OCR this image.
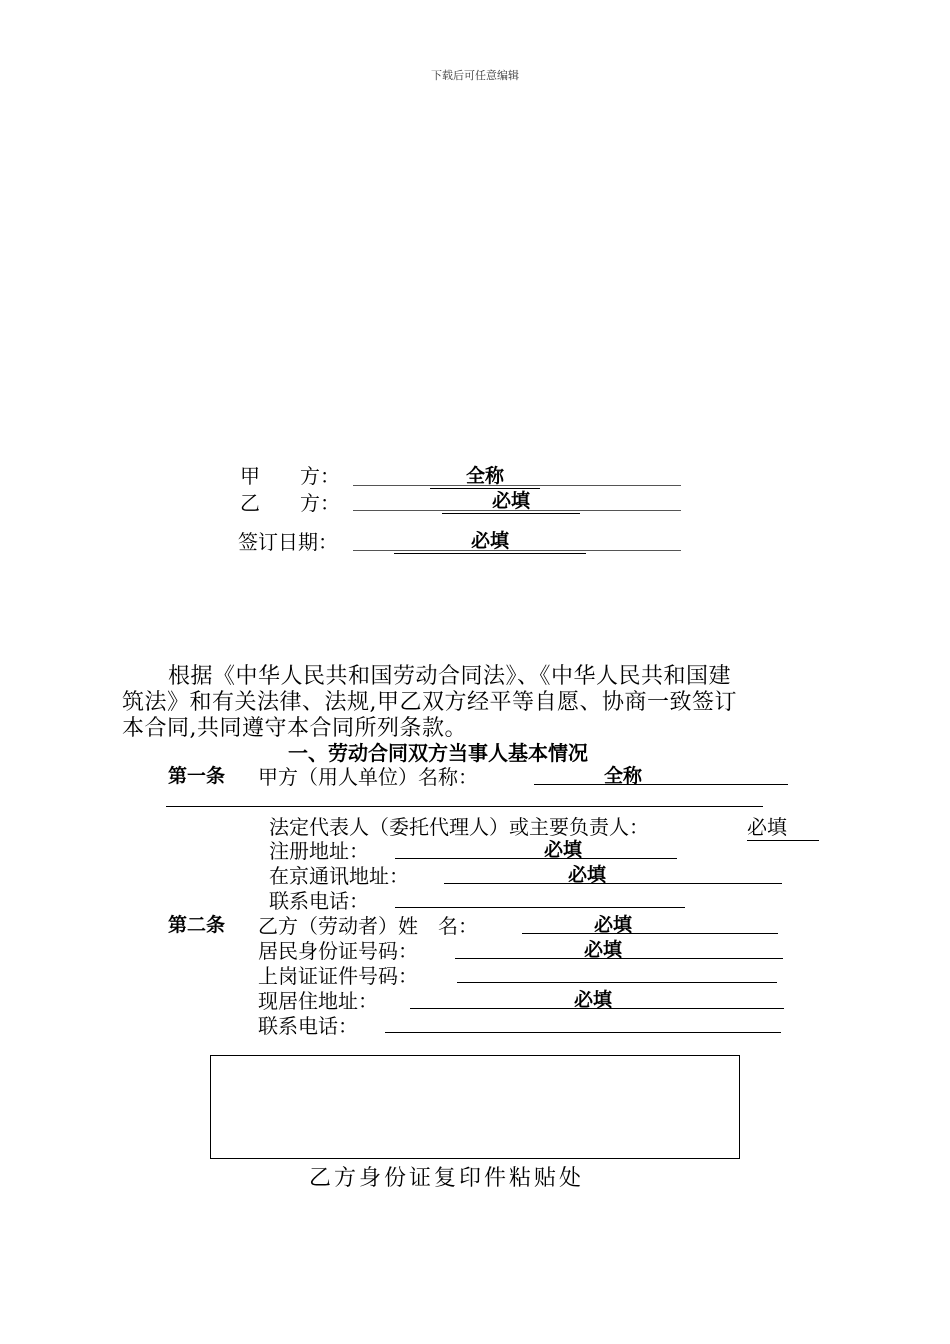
下载后可任意编辑
甲　　方：	全称
乙　　方：	必填
签订日期：	必填
根据《中华人民共和国劳动合同法》、《中华人民共和国建
筑法》和有关法律、法规,甲乙双方经平等自愿、协商一致签订
本合同,共同遵守本合同所列条款。
一、劳动合同双方当事人基本情况
第一条 甲方（用人单位）名称：	全称
法定代表人（委托代理人）或主要负责人：	必填
注册地址：	必填
在京通讯地址：	必填
联系电话：
第二条 乙方（劳动者）姓　名：	必填
居民身份证号码：	必填
上岗证证件号码：
现居住地址：	必填
联系电话：
乙方身份证复印件粘贴处
